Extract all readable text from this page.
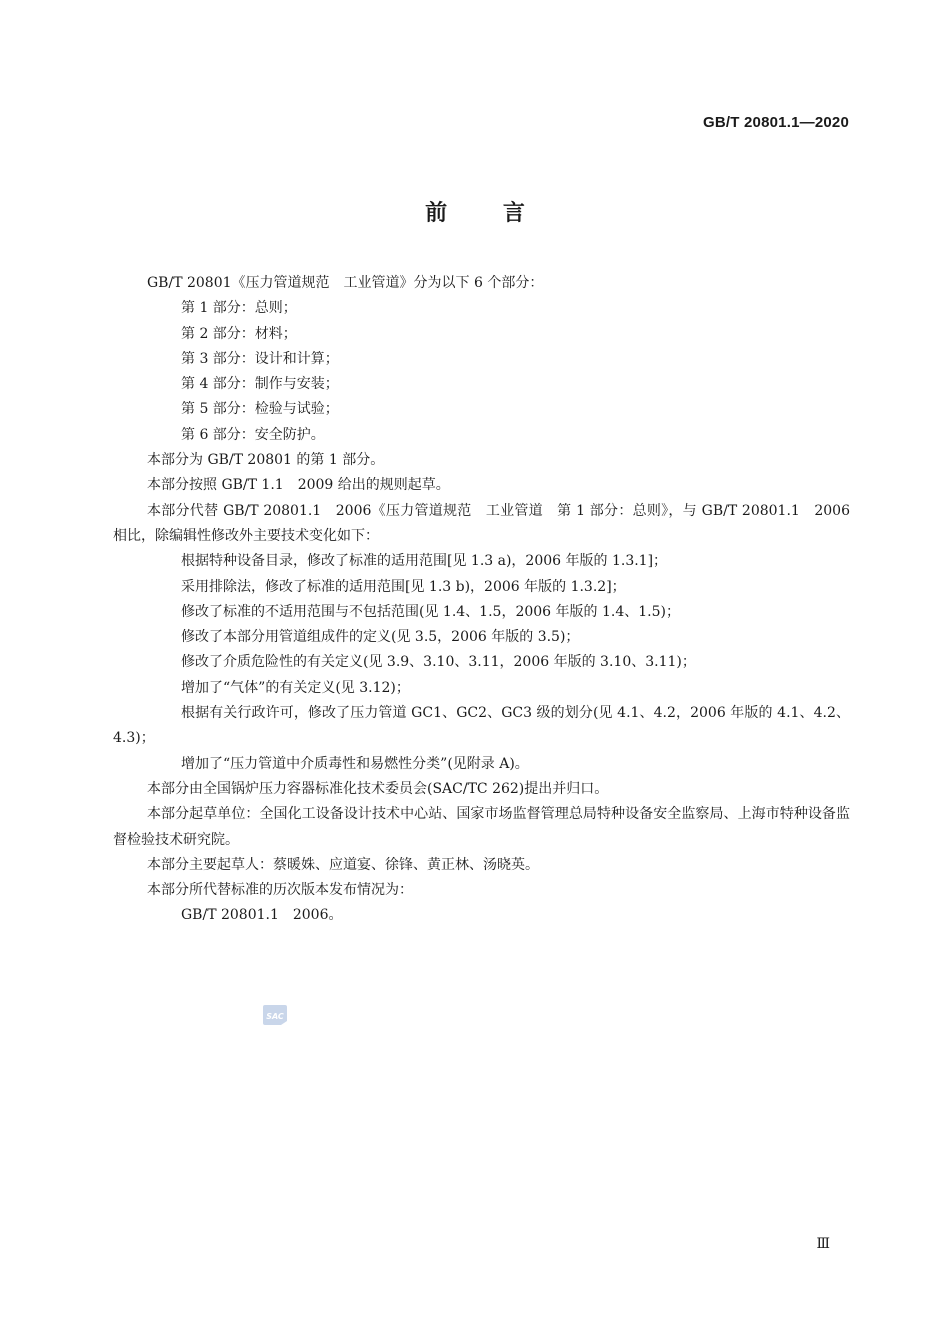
GB/T 20801.1—2020
前 言

GB/T 20801《压力管道规范　工业管道》分为以下 6 个部分：

第 1 部分：总则；

第 2 部分：材料；

第 3 部分：设计和计算；

第 4 部分：制作与安装；

第 5 部分：检验与试验；

第 6 部分：安全防护。

本部分为 GB/T 20801 的第 1 部分。

本部分按照 GB/T 1.1　2009 给出的规则起草。

本部分代替 GB/T 20801.1　2006《压力管道规范　工业管道　第 1 部分：总则》，与 GB/T 20801.1　2006相比，除编辑性修改外主要技术变化如下：

根据特种设备目录，修改了标准的适用范围[见 1.3 a)，2006 年版的 1.3.1]；

采用排除法，修改了标准的适用范围[见 1.3 b)，2006 年版的 1.3.2]；

修改了标准的不适用范围与不包括范围(见 1.4、1.5，2006 年版的 1.4、1.5)；

修改了本部分用管道组成件的定义(见 3.5，2006 年版的 3.5)；

修改了介质危险性的有关定义(见 3.9、3.10、3.11，2006 年版的 3.10、3.11)；

增加了“气体”的有关定义(见 3.12)；

根据有关行政许可，修改了压力管道 GC1、GC2、GC3 级的划分(见 4.1、4.2，2006 年版的 4.1、4.2、4.3)；

增加了“压力管道中介质毒性和易燃性分类”(见附录 A)。

本部分由全国锅炉压力容器标准化技术委员会(SAC/TC 262)提出并归口。

本部分起草单位：全国化工设备设计技术中心站、国家市场监督管理总局特种设备安全监察局、上海市特种设备监督检验技术研究院。

本部分主要起草人：蔡暖姝、应道宴、徐锋、黄正林、汤晓英。

本部分所代替标准的历次版本发布情况为：

GB/T 20801.1　2006。

SAC
Ⅲ
